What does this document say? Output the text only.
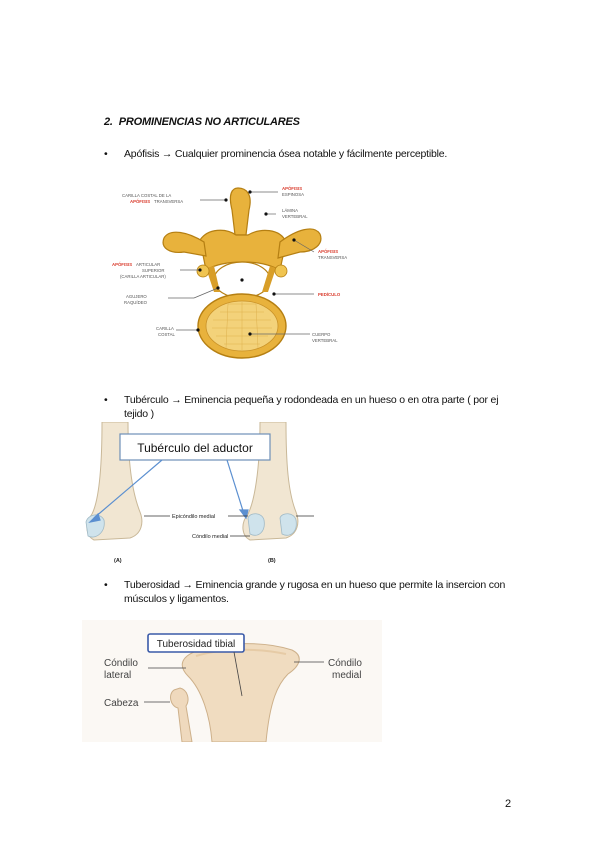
2. PROMINENCIAS NO ARTICULARES
• Apófisis → Cualquier prominencia ósea notable y fácilmente perceptible.
CARILLA COSTAL DE LA
APÓFISIS TRANSVERSA
APÓFISIS
ESPINOSA
LÁMINA
VERTEBRAL
APÓFISIS
TRANSVERSA
APÓFISIS ARTICULAR
SUPERIOR
(CARILLA ARTICULAR)
AGUJERO
RAQUÍDEO
PEDÍCULO
CARILLA
COSTAL	CUERPO
VERTEBRAL
• Tubérculo → Eminencia pequeña y rodondeada en un hueso o en otra parte ( por ej tejido )
Tubérculo del aductor
Epicóndilo medial
Cóndilo medial
(A)	(B)
• Tuberosidad → Eminencia grande y rugosa en un hueso que permite la insercion con músculos y ligamentos.
Tuberosidad tibial
Cóndilo
lateral
Cóndilo
medial
Cabeza
2
